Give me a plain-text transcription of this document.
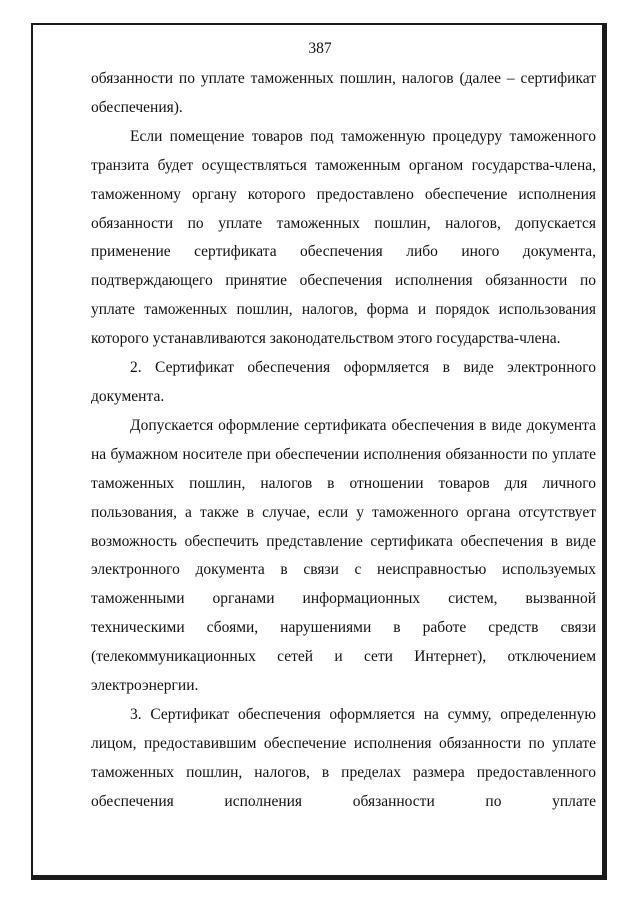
387

обязанности по уплате таможенных пошлин, налогов (далее – сертификат обеспечения).

Если помещение товаров под таможенную процедуру таможенного транзита будет осуществляться таможенным органом государства-члена, таможенному органу которого предоставлено обеспечение исполнения обязанности по уплате таможенных пошлин, налогов, допускается применение сертификата обеспечения либо иного документа, подтверждающего принятие обеспечения исполнения обязанности по уплате таможенных пошлин, налогов, форма и порядок использования которого устанавливаются законодательством этого государства-члена.

2. Сертификат обеспечения оформляется в виде электронного документа.

Допускается оформление сертификата обеспечения в виде документа на бумажном носителе при обеспечении исполнения обязанности по уплате таможенных пошлин, налогов в отношении товаров для личного пользования, а также в случае, если у таможенного органа отсутствует возможность обеспечить представление сертификата обеспечения в виде электронного документа в связи с неисправностью используемых таможенными органами информационных систем, вызванной техническими сбоями, нарушениями в работе средств связи (телекоммуникационных сетей и сети Интернет), отключением электроэнергии.

3. Сертификат обеспечения оформляется на сумму, определенную лицом, предоставившим обеспечение исполнения обязанности по уплате таможенных пошлин, налогов, в пределах размера предоставленного обеспечения исполнения обязанности по уплате
